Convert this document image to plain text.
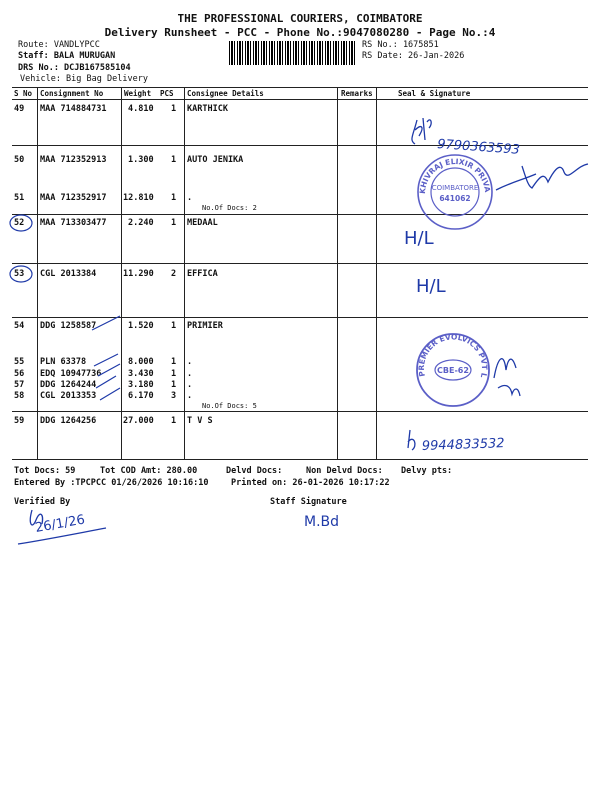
THE PROFESSIONAL COURIERS, COIMBATORE
Delivery Runsheet - PCC - Phone No.:9047080280 - Page No.:4
Route: VANDLYPCC
Staff: BALA MURUGAN
DRS No.: DCJB167585104
Vehicle: Big Bag Delivery
RS No.: 1675851
RS Date: 26-Jan-2026
S No Consignment No	Weight PCS Consignee Details	Remarks	Seal & Signature
49 MAA 714884731	4.810 1 KARTHICK
50 MAA 712352913	1.300 1 AUTO JENIKA
51 MAA 712352917 12.810 1 .
No.Of Docs: 2
52 MAA 713303477	2.240 1 MEDAAL
53 CGL 2013384	11.290 2 EFFICA
54 DDG 1258587	1.520 1 PRIMIER
55 PLN 63378	8.000 1 .
56 EDQ 10947736	3.430 1 .
57 DDG 1264244	3.180 1 .
58 CGL 2013353	6.170 3 .
No.Of Docs: 5
59 DDG 1264256	27.000 1 T V S
Tot Docs: 59	Tot COD Amt: 280.00	Delvd Docs:	Non Delvd Docs: Delvy pts:
Entered By :TPCPCC 01/26/2026 10:16:10	Printed on: 26-01-2026 10:17:22
Verified By	Staff Signature
9790363593
KHIVRAJ ELIXIR PRIVATE LIMITED
COIMBATORE
641062
H/L
H/L
PREMIER EVOLVICS PVT LTD
CBE-62
9944833532
26/1/26	M.Bd
